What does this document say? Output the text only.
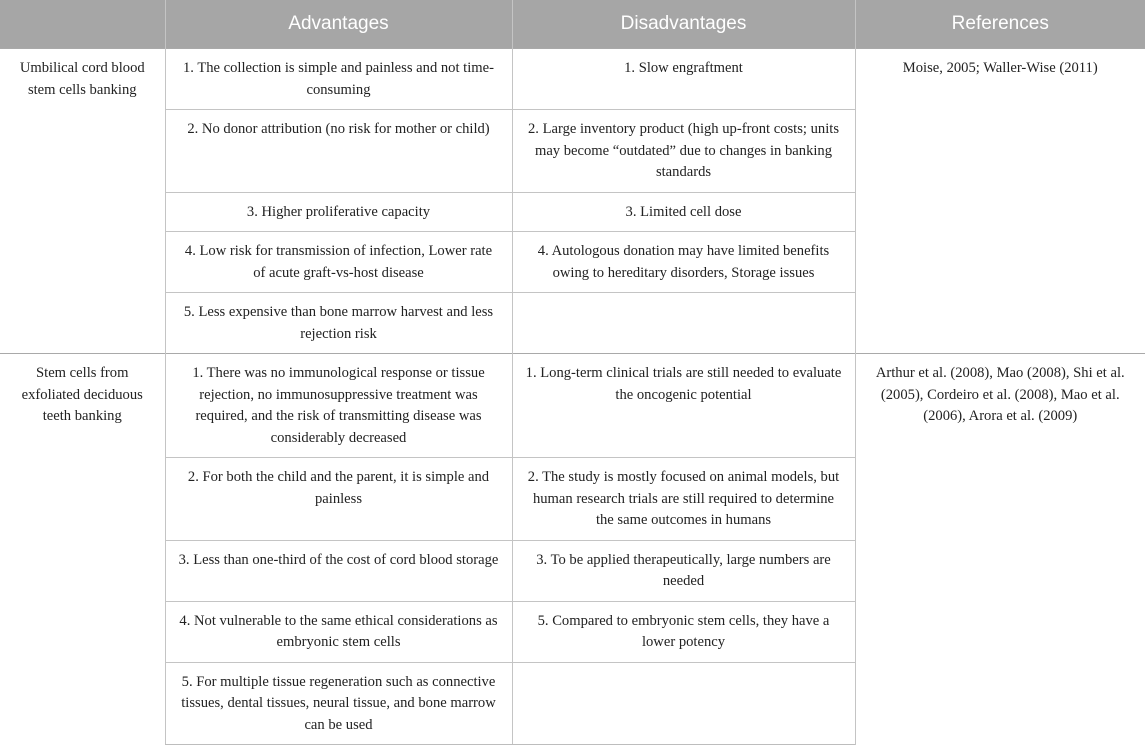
	Advantages	Disadvantages	References
Umbilical cord blood stem cells banking	1. The collection is simple and painless and not time-consuming	1. Slow engraftment	Moise, 2005; Waller-Wise (2011)
	2. No donor attribution (no risk for mother or child)	2. Large inventory product (high up-front costs; units may become “outdated” due to changes in banking standards	
	3. Higher proliferative capacity	3. Limited cell dose	
	4. Low risk for transmission of infection, Lower rate of acute graft-vs-host disease	4. Autologous donation may have limited benefits owing to hereditary disorders, Storage issues	
	5. Less expensive than bone marrow harvest and less rejection risk		
Stem cells from exfoliated deciduous teeth banking	1. There was no immunological response or tissue rejection, no immunosuppressive treatment was required, and the risk of transmitting disease was considerably decreased	1. Long-term clinical trials are still needed to evaluate the oncogenic potential	Arthur et al. (2008), Mao (2008), Shi et al. (2005), Cordeiro et al. (2008), Mao et al. (2006), Arora et al. (2009)
	2. For both the child and the parent, it is simple and painless	2. The study is mostly focused on animal models, but human research trials are still required to determine the same outcomes in humans	
	3. Less than one-third of the cost of cord blood storage	3. To be applied therapeutically, large numbers are needed	
	4. Not vulnerable to the same ethical considerations as embryonic stem cells	5. Compared to embryonic stem cells, they have a lower potency	
	5. For multiple tissue regeneration such as connective tissues, dental tissues, neural tissue, and bone marrow can be used		
